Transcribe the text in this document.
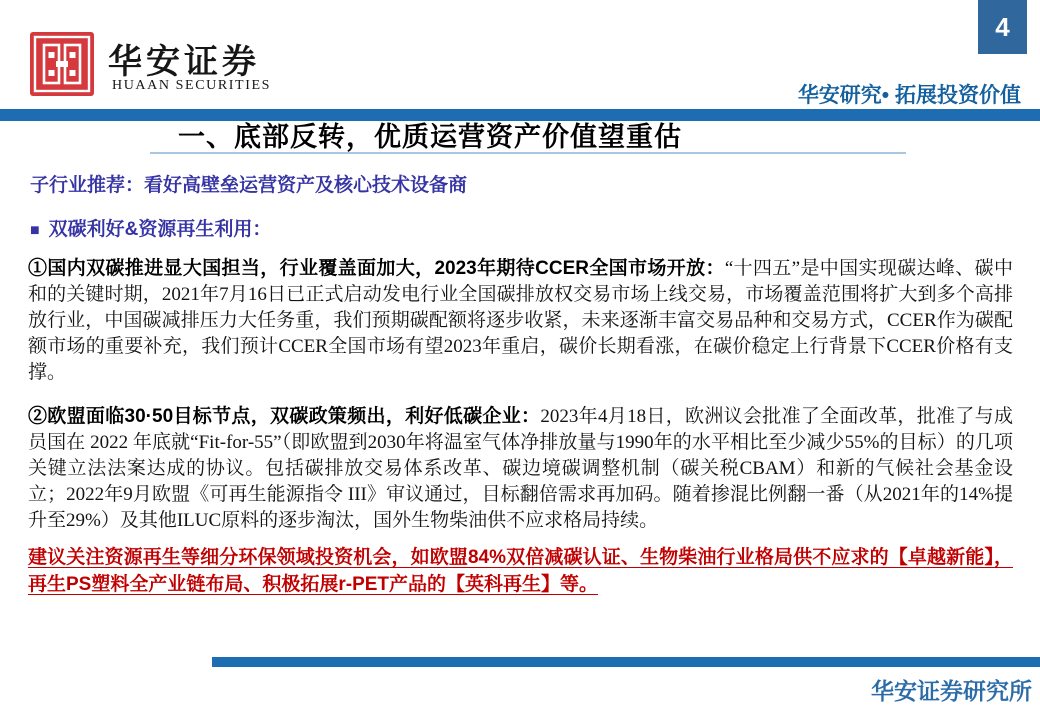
华安证券
HUAAN SECURITIES
4
华安研究• 拓展投资价值
一、底部反转，优质运营资产价值望重估

子行业推荐：看好高壁垒运营资产及核心技术设备商

■ 双碳利好&资源再生利用：

①国内双碳推进显大国担当，行业覆盖面加大，2023年期待CCER全国市场开放：“十四五”是中国实现碳达峰、碳中和的关键时期，2021年7月16日已正式启动发电行业全国碳排放权交易市场上线交易，市场覆盖范围将扩大到多个高排放行业，中国碳减排压力大任务重，我们预期碳配额将逐步收紧，未来逐渐丰富交易品种和交易方式，CCER作为碳配额市场的重要补充，我们预计CCER全国市场有望2023年重启，碳价长期看涨，在碳价稳定上行背景下CCER价格有支撑。

②欧盟面临30·50目标节点，双碳政策频出，利好低碳企业：2023年4月18日，欧洲议会批准了全面改革，批准了与成员国在 2022 年底就“Fit-for-55”（即欧盟到2030年将温室气体净排放量与1990年的水平相比至少减少55%的目标）的几项关键立法法案达成的协议。包括碳排放交易体系改革、碳边境碳调整机制（碳关税CBAM）和新的气候社会基金设立；2022年9月欧盟《可再生能源指令 III》审议通过，目标翻倍需求再加码。随着掺混比例翻一番（从2021年的14%提升至29%）及其他ILUC原料的逐步淘汰，国外生物柴油供不应求格局持续。

建议关注资源再生等细分环保领域投资机会，如欧盟84%双倍减碳认证、生物柴油行业格局供不应求的【卓越新能】，再生PS塑料全产业链布局、积极拓展r-PET产品的【英科再生】等。

华安证券研究所
